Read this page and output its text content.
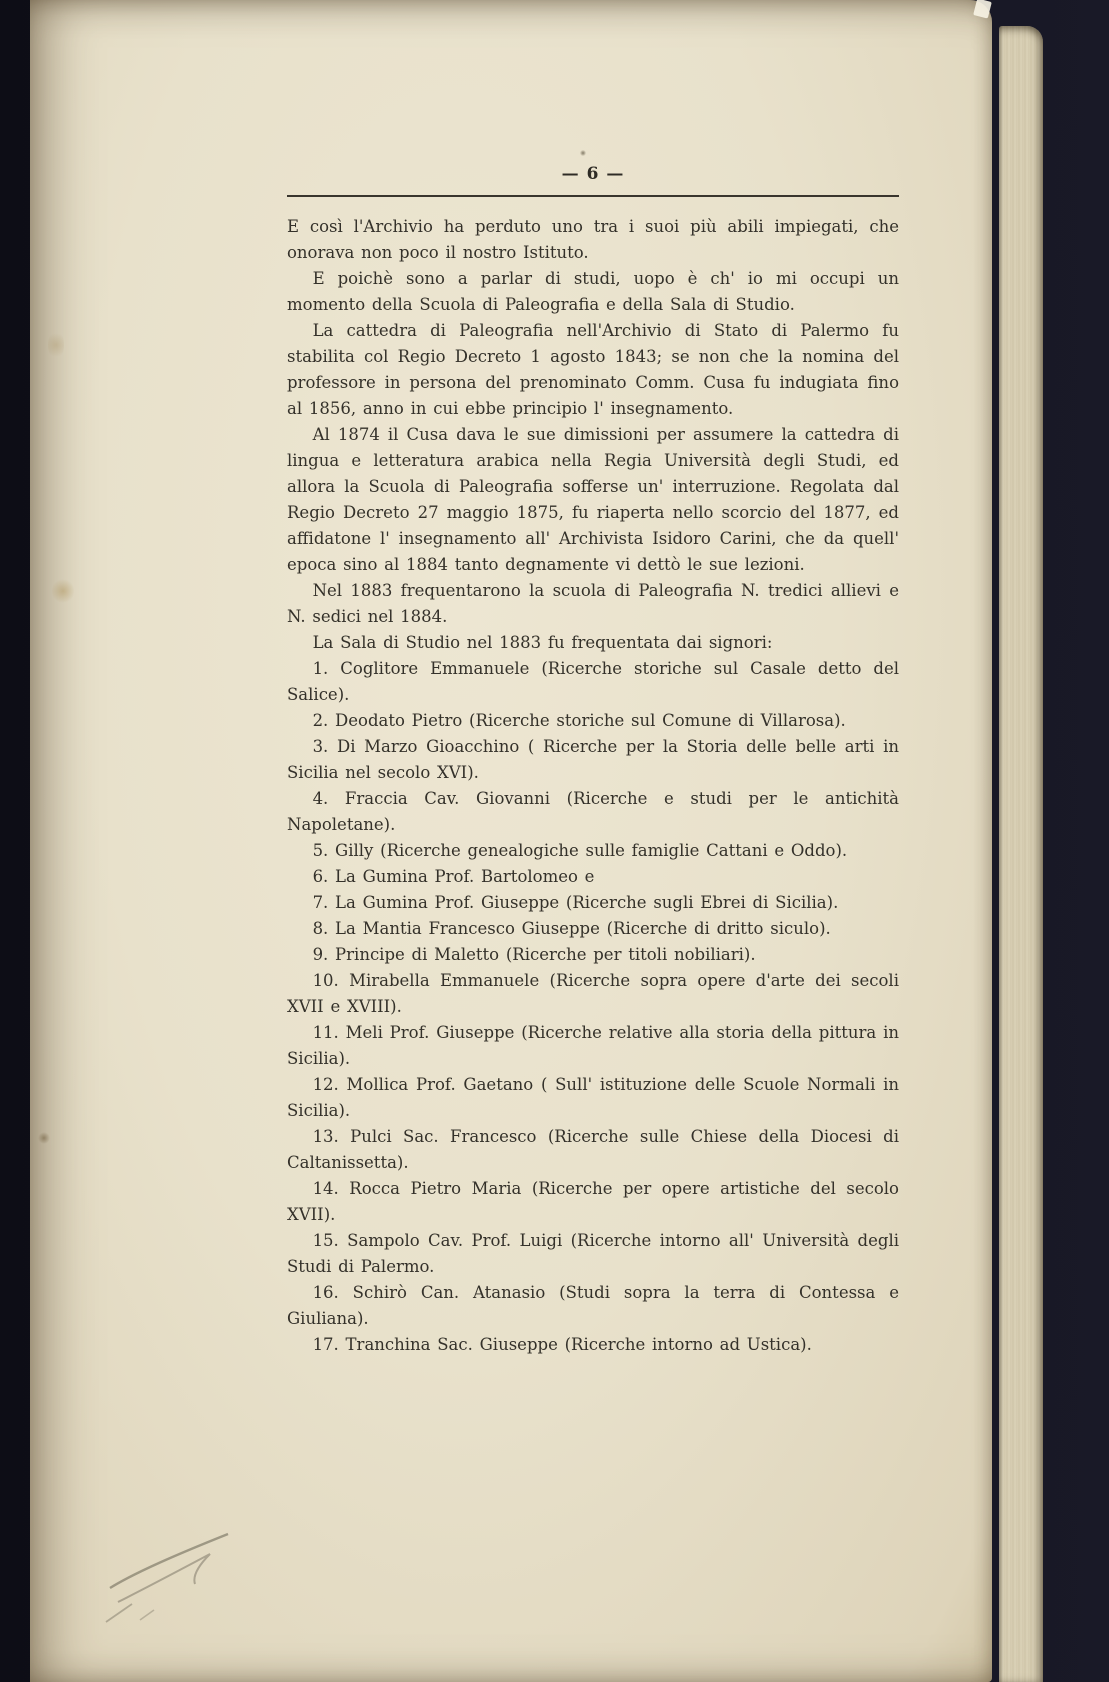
— 6 —

E così l'Archivio ha perduto uno tra i suoi più abili impiegati, che onorava non poco il nostro Istituto.

E poichè sono a parlar di studi, uopo è ch' io mi occupi un momento della Scuola di Paleografia e della Sala di Studio.

La cattedra di Paleografia nell'Archivio di Stato di Palermo fu stabilita col Regio Decreto 1 agosto 1843; se non che la nomina del professore in persona del prenominato Comm. Cusa fu indugiata fino al 1856, anno in cui ebbe principio l' insegnamento.

Al 1874 il Cusa dava le sue dimissioni per assumere la cattedra di lingua e letteratura arabica nella Regia Università degli Studi, ed allora la Scuola di Paleografia sofferse un' interruzione. Regolata dal Regio Decreto 27 maggio 1875, fu riaperta nello scorcio del 1877, ed affidatone l' insegnamento all' Archivista Isidoro Carini, che da quell' epoca sino al 1884 tanto degnamente vi dettò le sue lezioni.

Nel 1883 frequentarono la scuola di Paleografia N. tredici allievi e N. sedici nel 1884.

La Sala di Studio nel 1883 fu frequentata dai signori:

1. Coglitore Emmanuele (Ricerche storiche sul Casale detto del Salice).

2. Deodato Pietro (Ricerche storiche sul Comune di Villarosa).

3. Di Marzo Gioacchino ( Ricerche per la Storia delle belle arti in Sicilia nel secolo XVI).

4. Fraccia Cav. Giovanni (Ricerche e studi per le antichità Napoletane).

5. Gilly (Ricerche genealogiche sulle famiglie Cattani e Oddo).

6. La Gumina Prof. Bartolomeo e

7. La Gumina Prof. Giuseppe (Ricerche sugli Ebrei di Sicilia).

8. La Mantia Francesco Giuseppe (Ricerche di dritto siculo).

9. Principe di Maletto (Ricerche per titoli nobiliari).

10. Mirabella Emmanuele (Ricerche sopra opere d'arte dei secoli XVII e XVIII).

11. Meli Prof. Giuseppe (Ricerche relative alla storia della pittura in Sicilia).

12. Mollica Prof. Gaetano ( Sull' istituzione delle Scuole Normali in Sicilia).

13. Pulci Sac. Francesco (Ricerche sulle Chiese della Diocesi di Caltanissetta).

14. Rocca Pietro Maria (Ricerche per opere artistiche del secolo XVII).

15. Sampolo Cav. Prof. Luigi (Ricerche intorno all' Università degli Studi di Palermo.

16. Schirò Can. Atanasio (Studi sopra la terra di Contessa e Giuliana).

17. Tranchina Sac. Giuseppe (Ricerche intorno ad Ustica).
